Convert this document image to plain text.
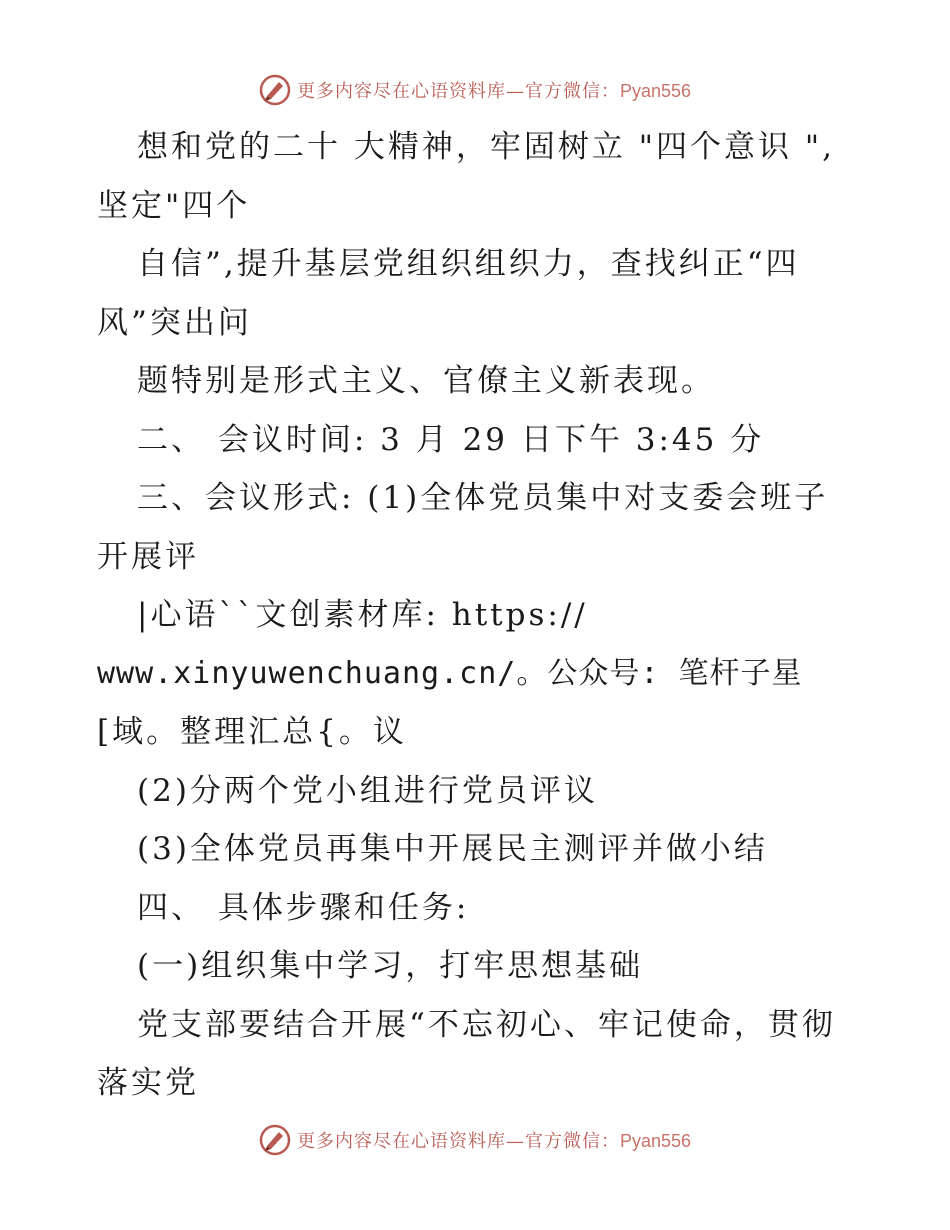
更多内容尽在心语资料库—官方微信：Pyan556
想和党的二十 大精神，牢固树立 "四个意识 ",
坚定"四个
自信”,提升基层党组织组织力，查找纠正“四
风”突出问
题特别是形式主义、官僚主义新表现。
二、 会议时间: 3 月 29 日下午 3:45 分
三、会议形式: (1)全体党员集中对支委会班子
开展评
|心语``文创素材库: https://
www.xinyuwenchuang.cn/。公众号: 笔杆子星
[域。整理汇总{。议
(2)分两个党小组进行党员评议
(3)全体党员再集中开展民主测评并做小结
四、 具体步骤和任务:
(一)组织集中学习，打牢思想基础
党支部要结合开展“不忘初心、牢记使命，贯彻
落实党
更多内容尽在心语资料库—官方微信：Pyan556
